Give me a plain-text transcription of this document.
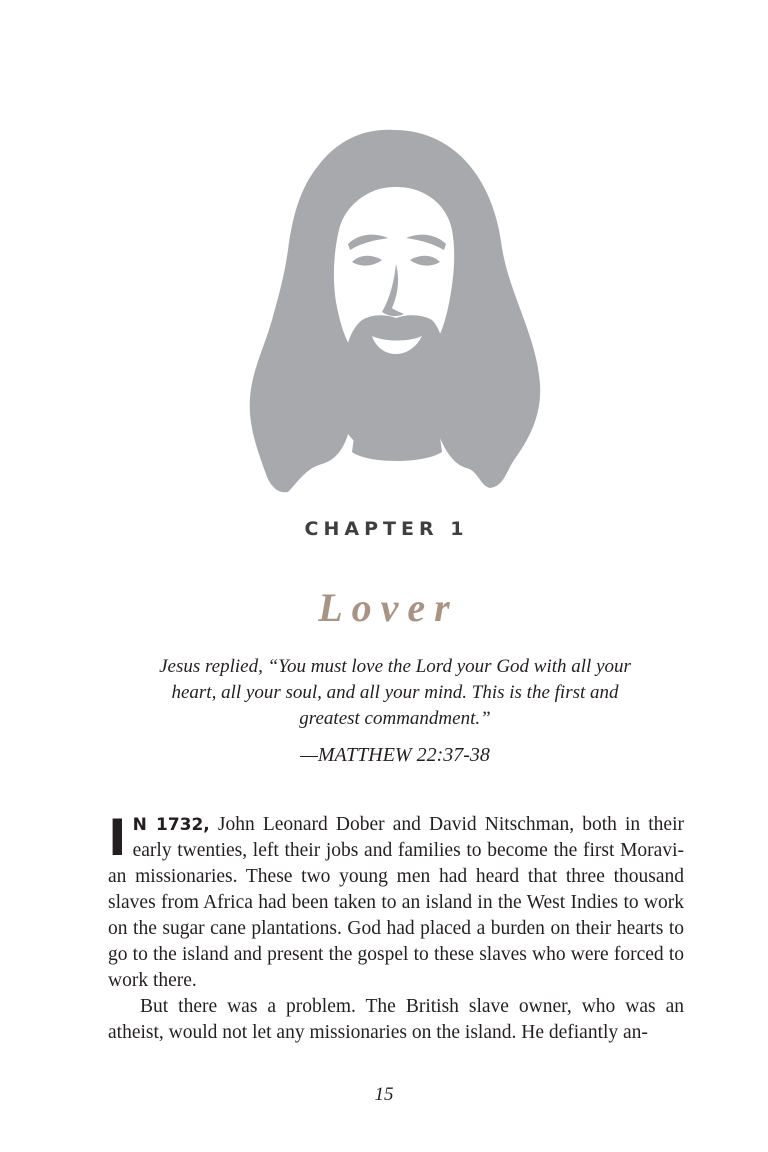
CHAPTER 1
Lover
Jesus replied, “You must love the Lord your God with all your heart, all your soul, and all your mind. This is the first and greatest commandment.”
—MATTHEW 22:37-38

I N 1732, John Leonard Dober and David Nitschman, both in their early twenties, left their jobs and families to become the first Moravian missionaries. These two young men had heard that three thousand slaves from Africa had been taken to an island in the West Indies to work on the sugar cane plantations. God had placed a burden on their hearts to go to the island and present the gospel to these slaves who were forced to work there.

But there was a problem. The British slave owner, who was an atheist, would not let any missionaries on the island. He defiantly an-

15
